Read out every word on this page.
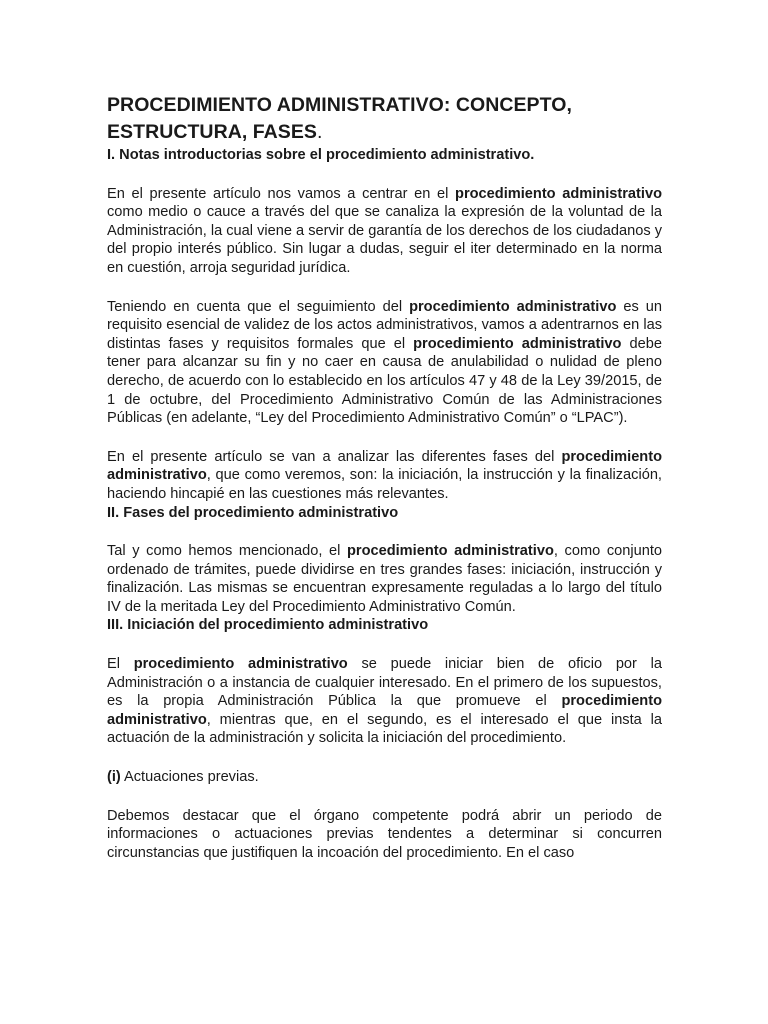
PROCEDIMIENTO ADMINISTRATIVO: CONCEPTO,
ESTRUCTURA, FASES.
I. Notas introductorias sobre el procedimiento administrativo.

En el presente artículo nos vamos a centrar en el procedimiento administrativo como medio o cauce a través del que se canaliza la expresión de la voluntad de la Administración, la cual viene a servir de garantía de los derechos de los ciudadanos y del propio interés público. Sin lugar a dudas, seguir el iter determinado en la norma en cuestión, arroja seguridad jurídica.

Teniendo en cuenta que el seguimiento del procedimiento administrativo es un requisito esencial de validez de los actos administrativos, vamos a adentrarnos en las distintas fases y requisitos formales que el procedimiento administrativo debe tener para alcanzar su fin y no caer en causa de anulabilidad o nulidad de pleno derecho, de acuerdo con lo establecido en los artículos 47 y 48 de la Ley 39/2015, de 1 de octubre, del Procedimiento Administrativo Común de las Administraciones Públicas (en adelante, “Ley del Procedimiento Administrativo Común” o “LPAC”).

En el presente artículo se van a analizar las diferentes fases del procedimiento administrativo, que como veremos, son: la iniciación, la instrucción y la finalización, haciendo hincapié en las cuestiones más relevantes.

II. Fases del procedimiento administrativo

Tal y como hemos mencionado, el procedimiento administrativo, como conjunto ordenado de trámites, puede dividirse en tres grandes fases: iniciación, instrucción y finalización. Las mismas se encuentran expresamente reguladas a lo largo del título IV de la meritada Ley del Procedimiento Administrativo Común.

III. Iniciación del procedimiento administrativo

El procedimiento administrativo se puede iniciar bien de oficio por la Administración o a instancia de cualquier interesado. En el primero de los supuestos, es la propia Administración Pública la que promueve el procedimiento administrativo, mientras que, en el segundo, es el interesado el que insta la actuación de la administración y solicita la iniciación del procedimiento.

(i) Actuaciones previas.

Debemos destacar que el órgano competente podrá abrir un periodo de informaciones o actuaciones previas tendentes a determinar si concurren circunstancias que justifiquen la incoación del procedimiento. En el caso
